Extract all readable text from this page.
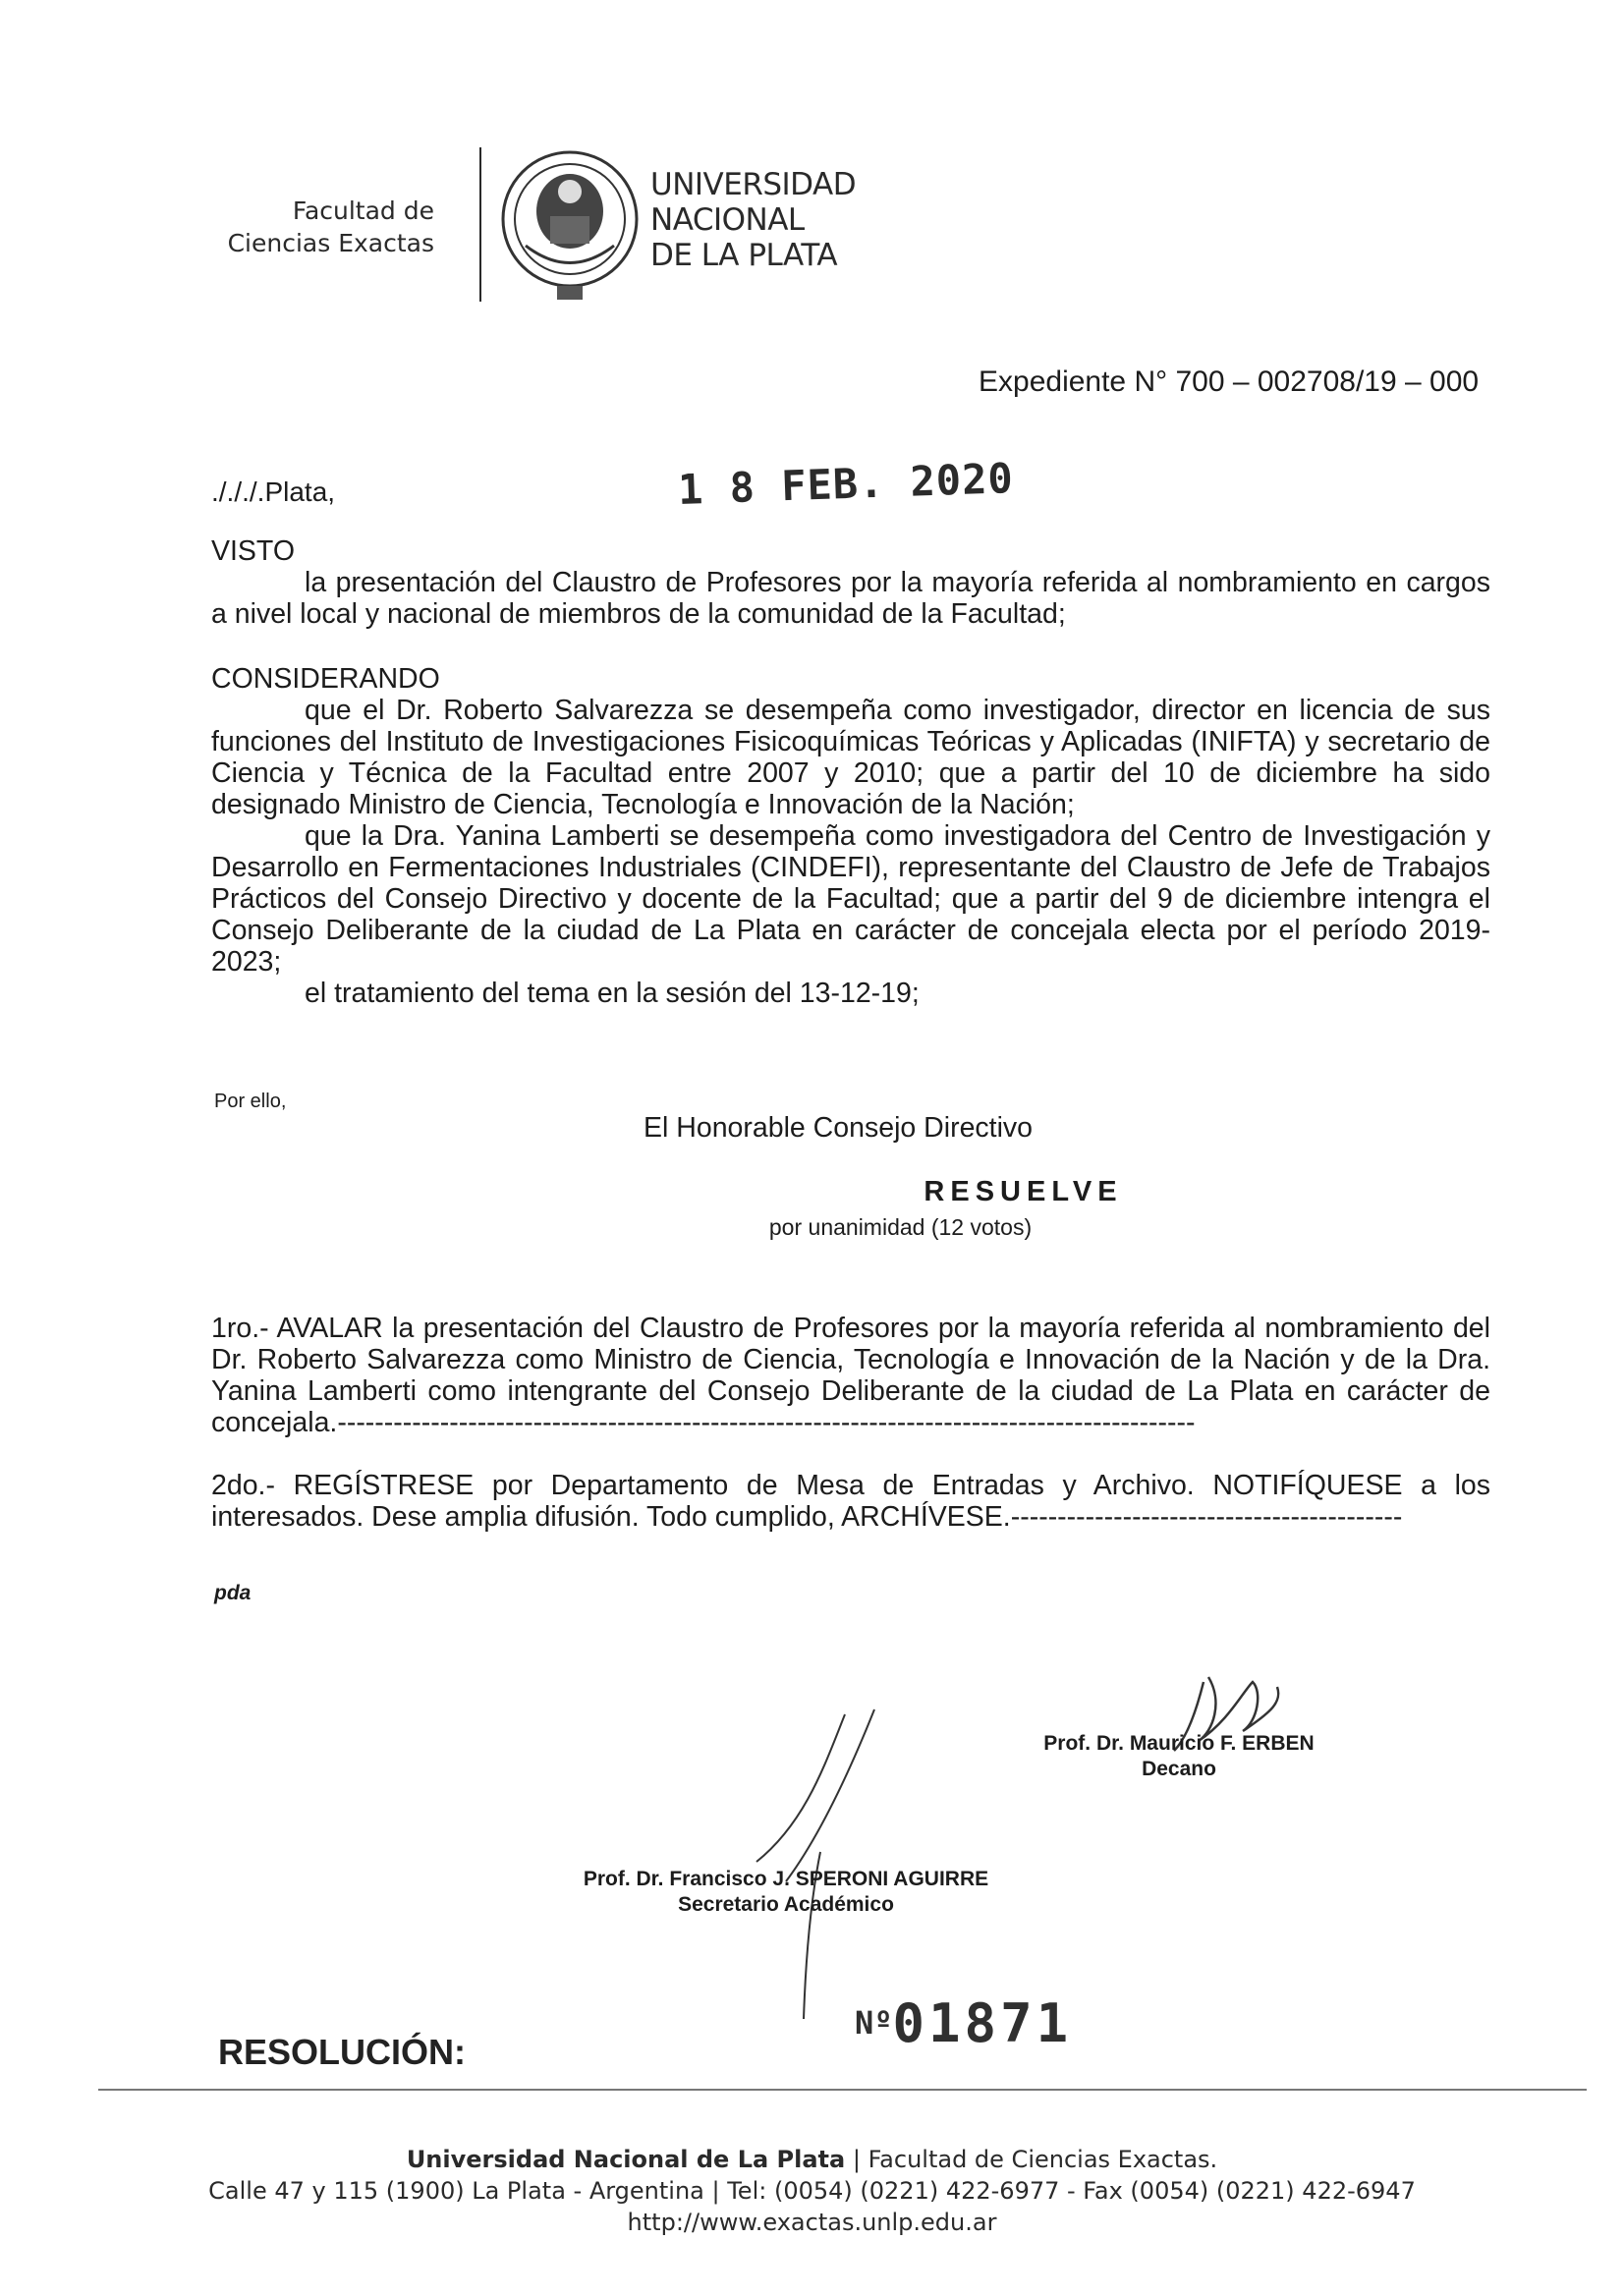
Facultad de
Ciencias Exactas
UNIVERSIDAD
NACIONAL
DE LA PLATA
Expediente N° 700 – 002708/19 – 000
./././.Plata,	1 8 FEB. 2020

VISTO

la presentación del Claustro de Profesores por la mayoría referida al nombramiento en cargos a nivel local y nacional de miembros de la comunidad de la Facultad;

CONSIDERANDO

que el Dr. Roberto Salvarezza se desempeña como investigador, director en licencia de sus funciones del Instituto de Investigaciones Fisicoquímicas Teóricas y Aplicadas (INIFTA) y secretario de Ciencia y Técnica de la Facultad entre 2007 y 2010; que a partir del 10 de diciembre ha sido designado Ministro de Ciencia, Tecnología e Innovación de la Nación;

que la Dra. Yanina Lamberti se desempeña como investigadora del Centro de Investigación y Desarrollo en Fermentaciones Industriales (CINDEFI), representante del Claustro de Jefe de Trabajos Prácticos del Consejo Directivo y docente de la Facultad; que a partir del 9 de diciembre intengra el Consejo Deliberante de la ciudad de La Plata en carácter de concejala electa por el período 2019- 2023;

el tratamiento del tema en la sesión del 13-12-19;

Por ello,
El Honorable Consejo Directivo
RESUELVE
por unanimidad (12 votos)

1ro.- AVALAR la presentación del Claustro de Profesores por la mayoría referida al nombramiento del Dr. Roberto Salvarezza como Ministro de Ciencia, Tecnología e Innovación de la Nación y de la Dra. Yanina Lamberti como intengrante del Consejo Deliberante de la ciudad de La Plata en carácter de concejala.--------------------------------------------------------------------------------------------

2do.- REGÍSTRESE por Departamento de Mesa de Entradas y Archivo. NOTIFÍQUESE a los interesados. Dese amplia difusión. Todo cumplido, ARCHÍVESE.------------------------------------------

pda
Prof. Dr. Mauricio F. ERBEN
Decano
Prof. Dr. Francisco J. SPERONI AGUIRRE
Secretario Académico
RESOLUCIÓN:
Nº01871
Universidad Nacional de La Plata | Facultad de Ciencias Exactas.
Calle 47 y 115 (1900) La Plata - Argentina | Tel: (0054) (0221) 422-6977 - Fax (0054) (0221) 422-6947
http://www.exactas.unlp.edu.ar
